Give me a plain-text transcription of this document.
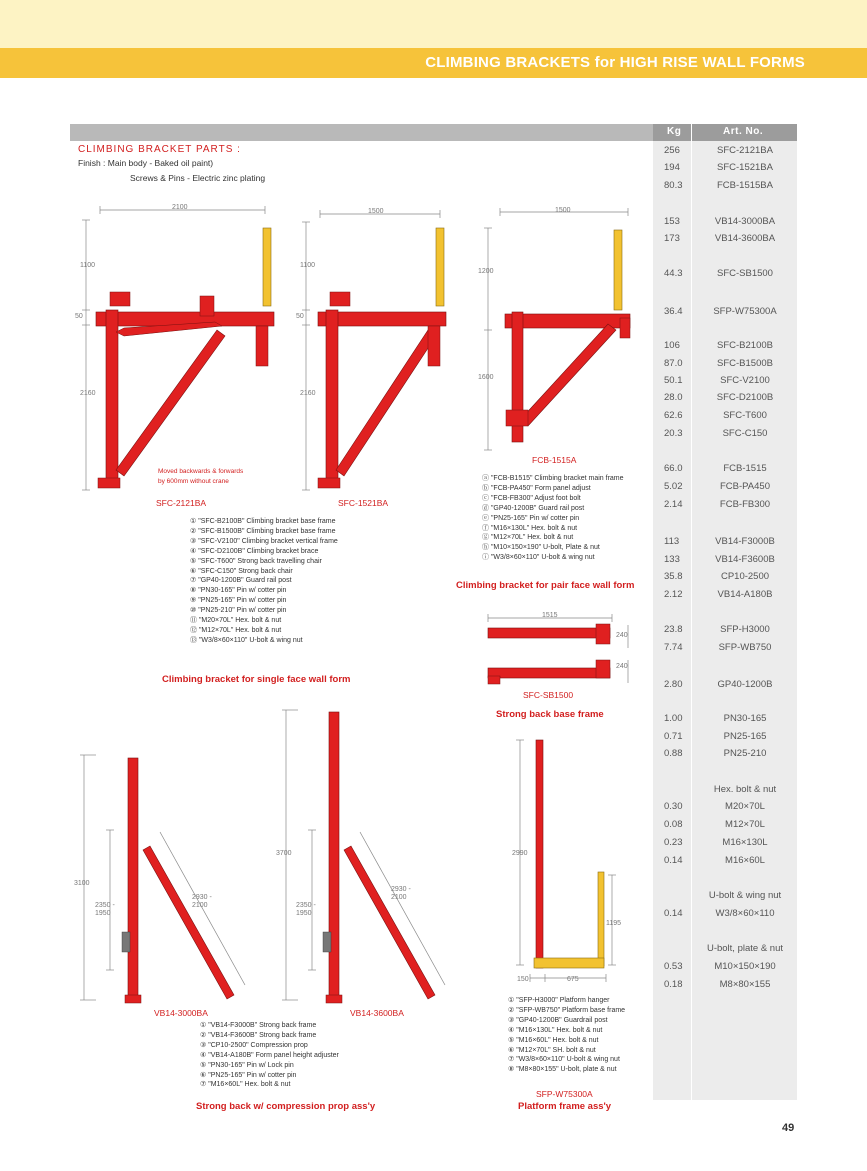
CLIMBING BRACKETS for HIGH RISE WALL FORMS
Kg	Art. No.
256	SFC-2121BA
194	SFC-1521BA
80.3	FCB-1515BA
153	VB14-3000BA
173	VB14-3600BA
44.3	SFC-SB1500
36.4	SFP-W75300A
106	SFC-B2100B
87.0	SFC-B1500B
50.1	SFC-V2100
28.0	SFC-D2100B
62.6	SFC-T600
20.3	SFC-C150
66.0	FCB-1515
5.02	FCB-PA450
2.14	FCB-FB300
113	VB14-F3000B
133	VB14-F3600B
35.8	CP10-2500
2.12	VB14-A180B
23.8	SFP-H3000
7.74	SFP-WB750
2.80	GP40-1200B
1.00	PN30-165
0.71	PN25-165
0.88	PN25-210
Hex. bolt & nut
0.30	M20×70L
0.08	M12×70L
0.23	M16×130L
0.14	M16×60L
U-bolt & wing nut
0.14	W3/8×60×110
U-bolt, plate & nut
0.53	M10×150×190
0.18	M8×80×155
CLIMBING BRACKET PARTS :
Finish : Main body - Baked oil paint)
Screws & Pins - Electric zinc plating
2100
1100
50
2160
1500
1100
50
2160
1500
1200
1600
1515
240
240
3100
2350 -
1950
2930 -
2100
3700
2350 -
1950
2930 -
2100
2990
1195
150	675
Moved backwards & forwards
by 600mm without crane
SFC-2121BA	SFC-1521BA
FCB-1515A
SFC-SB1500
VB14-3000BA	VB14-3600BA
SFP-W75300A
① "SFC-B2100B" Climbing bracket base frame
② "SFC-B1500B" Climbing bracket base frame
③ "SFC-V2100" Climbing bracket vertical frame
④ "SFC-D2100B" Climbing bracket brace
⑤ "SFC-T600" Strong back travelling chair
⑥ "SFC-C150" Strong back chair
⑦ "GP40-1200B" Guard rail post
⑧ "PN30-165" Pin w/ cotter pin
⑨ "PN25-165" Pin w/ cotter pin
⑩ "PN25-210" Pin w/ cotter pin
⑪ "M20×70L" Hex. bolt & nut
⑫ "M12×70L" Hex. bolt & nut
⑬ "W3/8×60×110" U-bolt & wing nut
Climbing bracket for single face wall form
ⓐ "FCB-B1515" Climbing bracket main frame
ⓑ "FCB-PA450" Form panel adjust
ⓒ "FCB-FB300" Adjust foot bolt
ⓓ "GP40-1200B" Guard rail post
ⓔ "PN25-165" Pin w/ cotter pin
ⓕ "M16×130L" Hex. bolt & nut
ⓖ "M12×70L" Hex. bolt & nut
ⓗ "M10×150×190" U-bolt, Plate & nut
ⓘ "W3/8×60×110" U-bolt & wing nut
Climbing bracket for pair face wall form
Strong back base frame
① "VB14-F3000B" Strong back frame
② "VB14-F3600B" Strong back frame
③ "CP10-2500" Compression prop
④ "VB14-A180B" Form panel height adjuster
⑤ "PN30-165" Pin w/ Lock pin
⑥ "PN25-165" Pin w/ cotter pin
⑦ "M16×60L" Hex. bolt & nut
Strong back w/ compression prop ass'y
① "SFP-H3000" Platform hanger
② "SFP-WB750" Platform base frame
③ "GP40-1200B" Guardrail post
④ "M16×130L" Hex. bolt & nut
⑤ "M16×60L" Hex. bolt & nut
⑥ "M12×70L" SH. bolt & nut
⑦ "W3/8×60×110" U-bolt & wing nut
⑧ "M8×80×155" U-bolt, plate & nut
Platform frame ass'y
49
